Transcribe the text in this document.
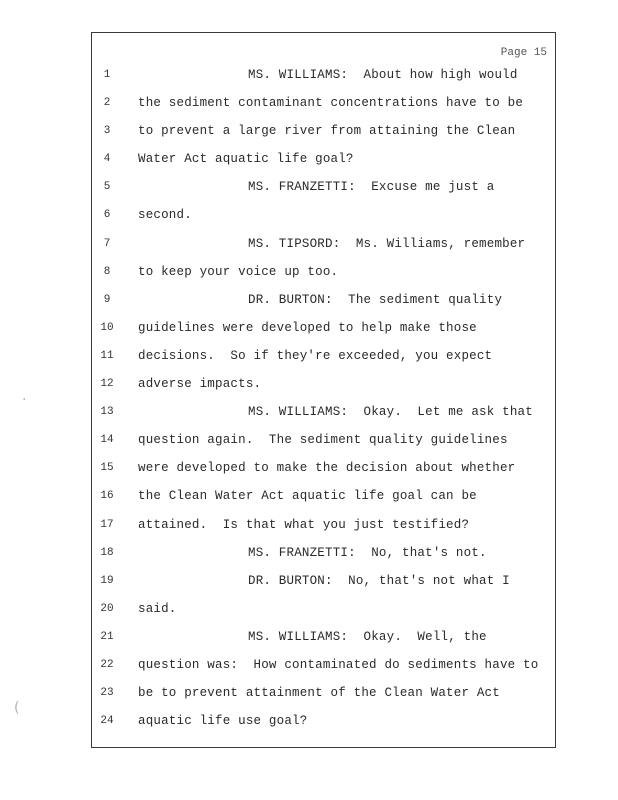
Page 15
1	MS. WILLIAMS:  About how high would
2	the sediment contaminant concentrations have to be
3	to prevent a large river from attaining the Clean
4	Water Act aquatic life goal?
5	MS. FRANZETTI:  Excuse me just a
6	second.
7	MS. TIPSORD:  Ms. Williams, remember
8	to keep your voice up too.
9	DR. BURTON:  The sediment quality
10	guidelines were developed to help make those
11	decisions.  So if they're exceeded, you expect
12	adverse impacts.
13	MS. WILLIAMS:  Okay.  Let me ask that
14	question again.  The sediment quality guidelines
15	were developed to make the decision about whether
16	the Clean Water Act aquatic life goal can be
17	attained.  Is that what you just testified?
18	MS. FRANZETTI:  No, that's not.
19	DR. BURTON:  No, that's not what I
20	said.
21	MS. WILLIAMS:  Okay.  Well, the
22	question was:  How contaminated do sediments have to
23	be to prevent attainment of the Clean Water Act
24	aquatic life use goal?
·
(
